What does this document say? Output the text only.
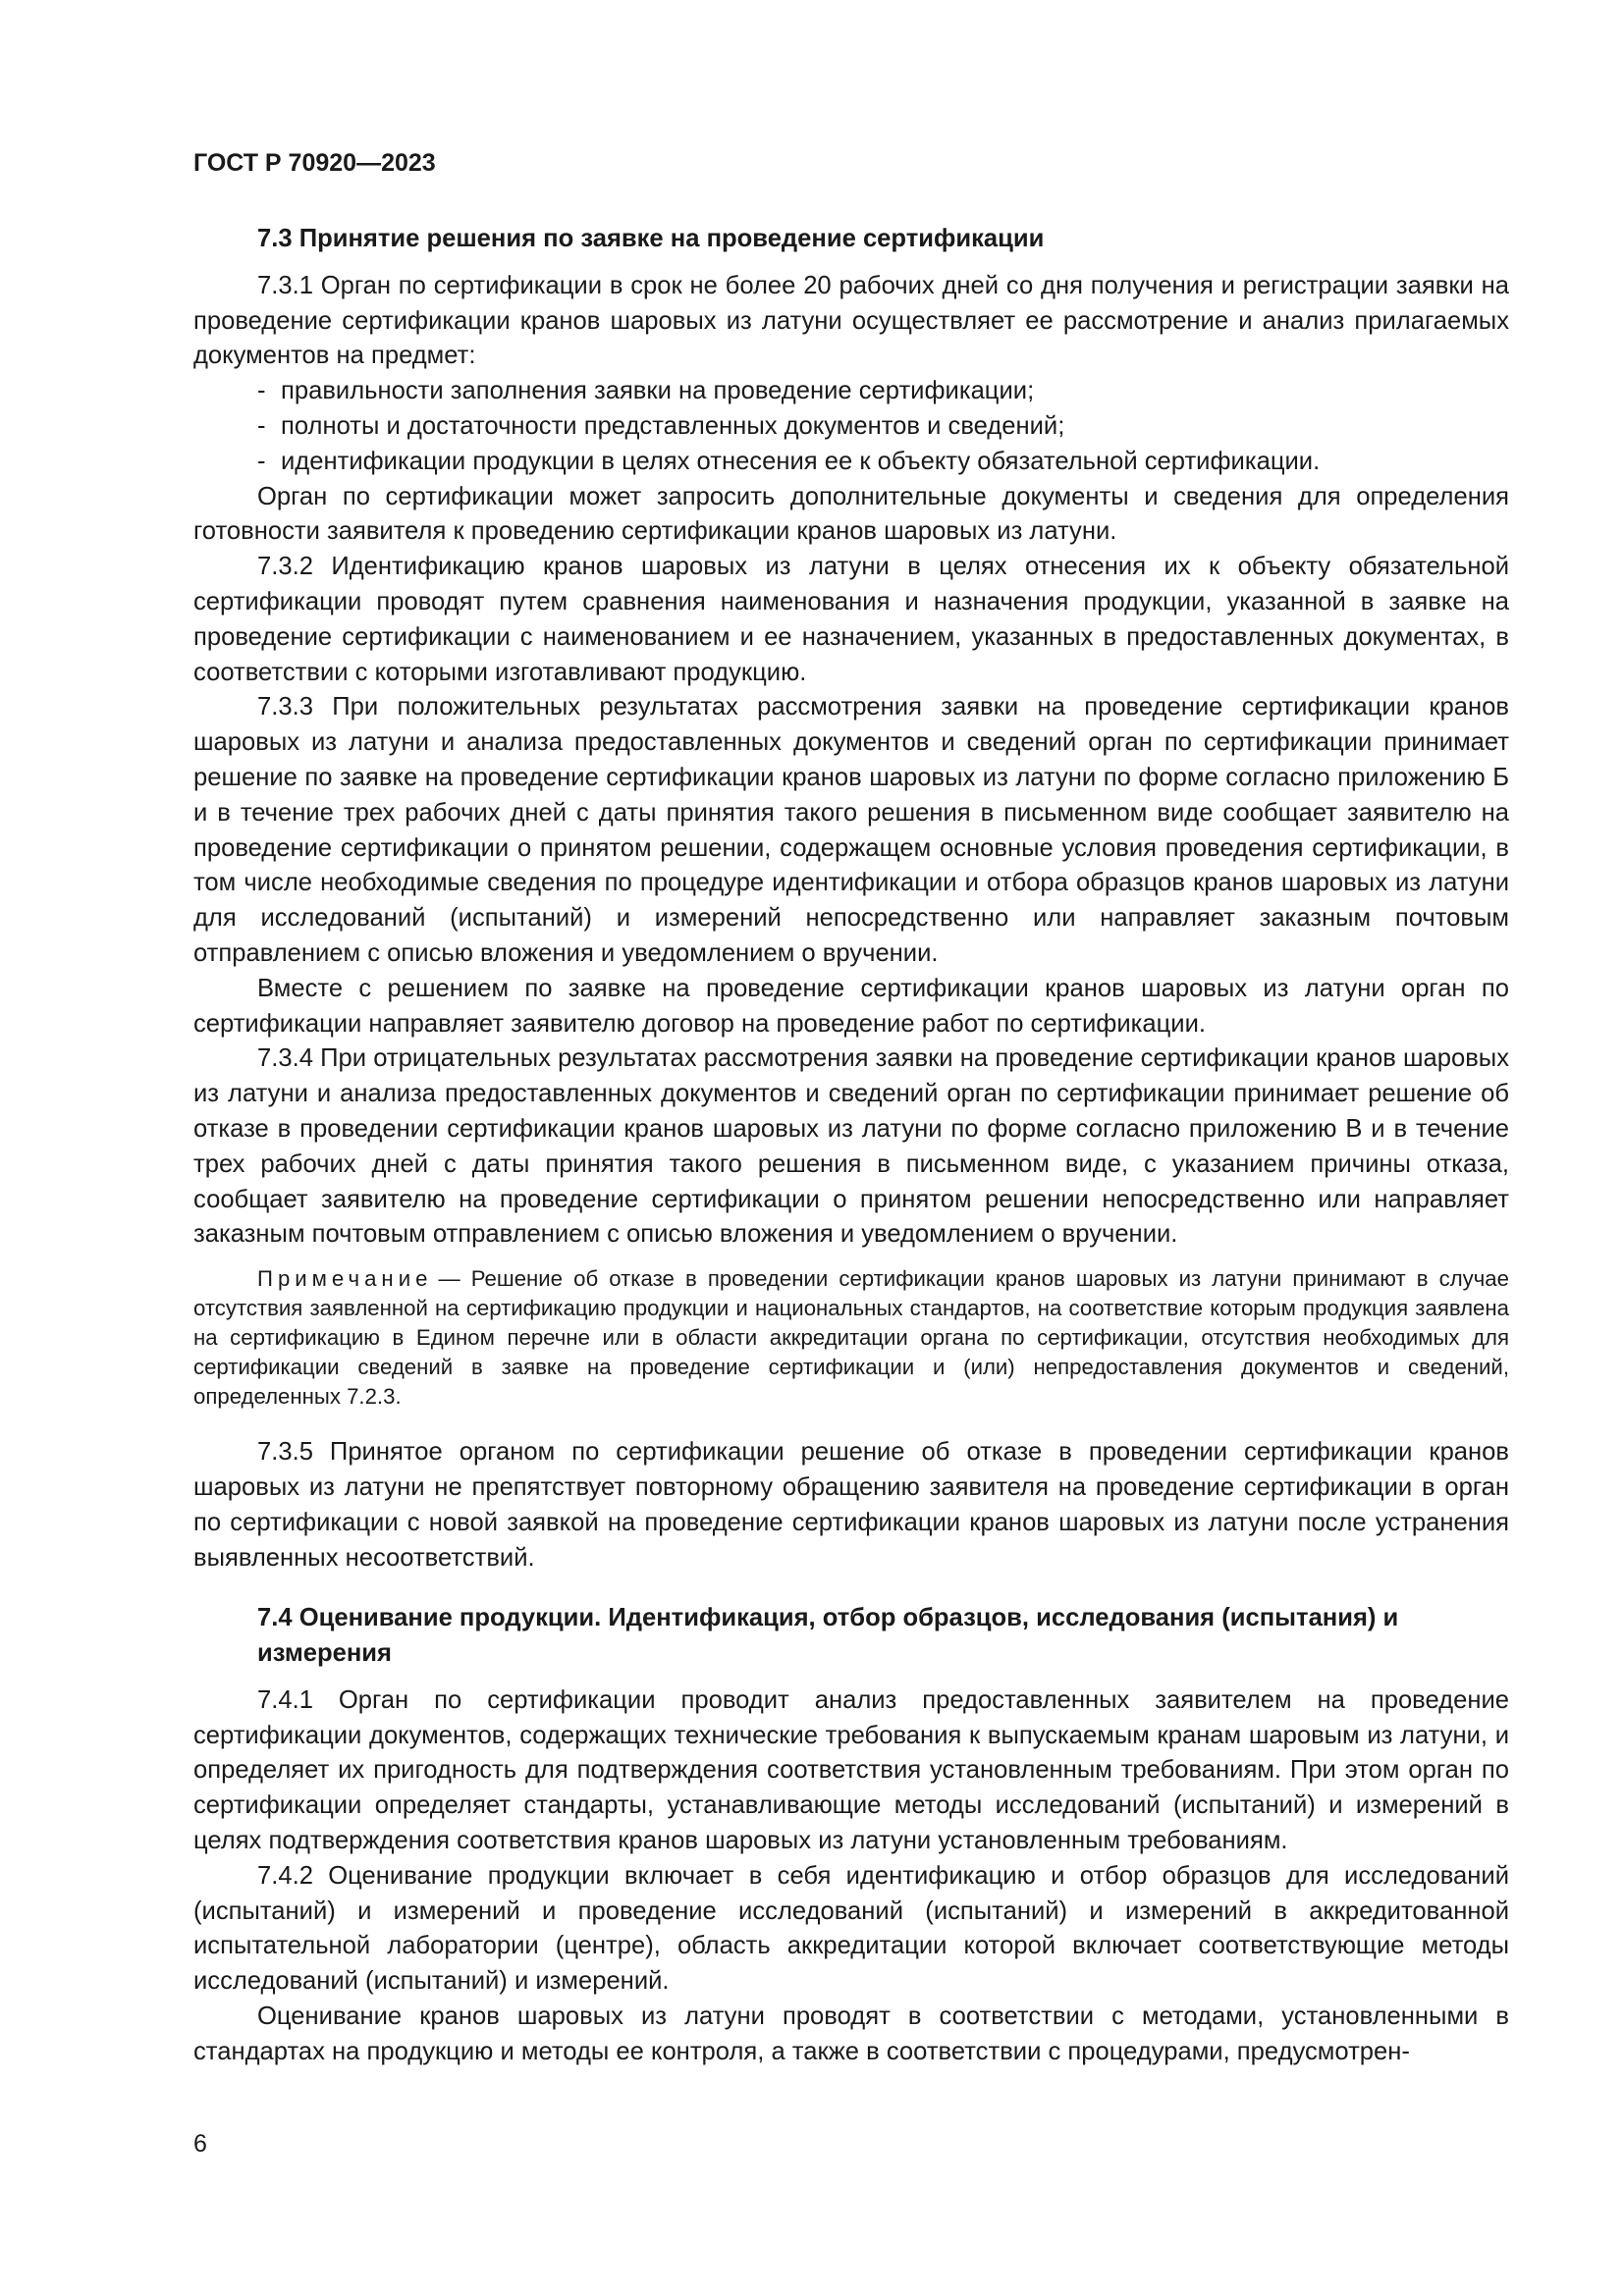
ГОСТ Р 70920—2023
7.3 Принятие решения по заявке на проведение сертификации

7.3.1 Орган по сертификации в срок не более 20 рабочих дней со дня получения и регистрации заявки на проведение сертификации кранов шаровых из латуни осуществляет ее рассмотрение и анализ прилагаемых документов на предмет:

- правильности заполнения заявки на проведение сертификации;
- полноты и достаточности представленных документов и сведений;
- идентификации продукции в целях отнесения ее к объекту обязательной сертификации.

Орган по сертификации может запросить дополнительные документы и сведения для определения готовности заявителя к проведению сертификации кранов шаровых из латуни.

7.3.2 Идентификацию кранов шаровых из латуни в целях отнесения их к объекту обязательной сертификации проводят путем сравнения наименования и назначения продукции, указанной в заявке на проведение сертификации с наименованием и ее назначением, указанных в предоставленных документах, в соответствии с которыми изготавливают продукцию.

7.3.3 При положительных результатах рассмотрения заявки на проведение сертификации кранов шаровых из латуни и анализа предоставленных документов и сведений орган по сертификации принимает решение по заявке на проведение сертификации кранов шаровых из латуни по форме согласно приложению Б и в течение трех рабочих дней с даты принятия такого решения в письменном виде сообщает заявителю на проведение сертификации о принятом решении, содержащем основные условия проведения сертификации, в том числе необходимые сведения по процедуре идентификации и отбора образцов кранов шаровых из латуни для исследований (испытаний) и измерений непосредственно или направляет заказным почтовым отправлением с описью вложения и уведомлением о вручении.

Вместе с решением по заявке на проведение сертификации кранов шаровых из латуни орган по сертификации направляет заявителю договор на проведение работ по сертификации.

7.3.4 При отрицательных результатах рассмотрения заявки на проведение сертификации кранов шаровых из латуни и анализа предоставленных документов и сведений орган по сертификации принимает решение об отказе в проведении сертификации кранов шаровых из латуни по форме согласно приложению В и в течение трех рабочих дней с даты принятия такого решения в письменном виде, с указанием причины отказа, сообщает заявителю на проведение сертификации о принятом решении непосредственно или направляет заказным почтовым отправлением с описью вложения и уведомлением о вручении.

Примечание — Решение об отказе в проведении сертификации кранов шаровых из латуни принимают в случае отсутствия заявленной на сертификацию продукции и национальных стандартов, на соответствие которым продукция заявлена на сертификацию в Едином перечне или в области аккредитации органа по сертификации, отсутствия необходимых для сертификации сведений в заявке на проведение сертификации и (или) непредоставления документов и сведений, определенных 7.2.3.

7.3.5 Принятое органом по сертификации решение об отказе в проведении сертификации кранов шаровых из латуни не препятствует повторному обращению заявителя на проведение сертификации в орган по сертификации с новой заявкой на проведение сертификации кранов шаровых из латуни после устранения выявленных несоответствий.

7.4 Оценивание продукции. Идентификация, отбор образцов, исследования (испытания) и измерения

7.4.1 Орган по сертификации проводит анализ предоставленных заявителем на проведение сертификации документов, содержащих технические требования к выпускаемым кранам шаровым из латуни, и определяет их пригодность для подтверждения соответствия установленным требованиям. При этом орган по сертификации определяет стандарты, устанавливающие методы исследований (испытаний) и измерений в целях подтверждения соответствия кранов шаровых из латуни установленным требованиям.

7.4.2 Оценивание продукции включает в себя идентификацию и отбор образцов для исследований (испытаний) и измерений и проведение исследований (испытаний) и измерений в аккредитованной испытательной лаборатории (центре), область аккредитации которой включает соответствующие методы исследований (испытаний) и измерений.

Оценивание кранов шаровых из латуни проводят в соответствии с методами, установленными в стандартах на продукцию и методы ее контроля, а также в соответствии с процедурами, предусмотрен-

6
